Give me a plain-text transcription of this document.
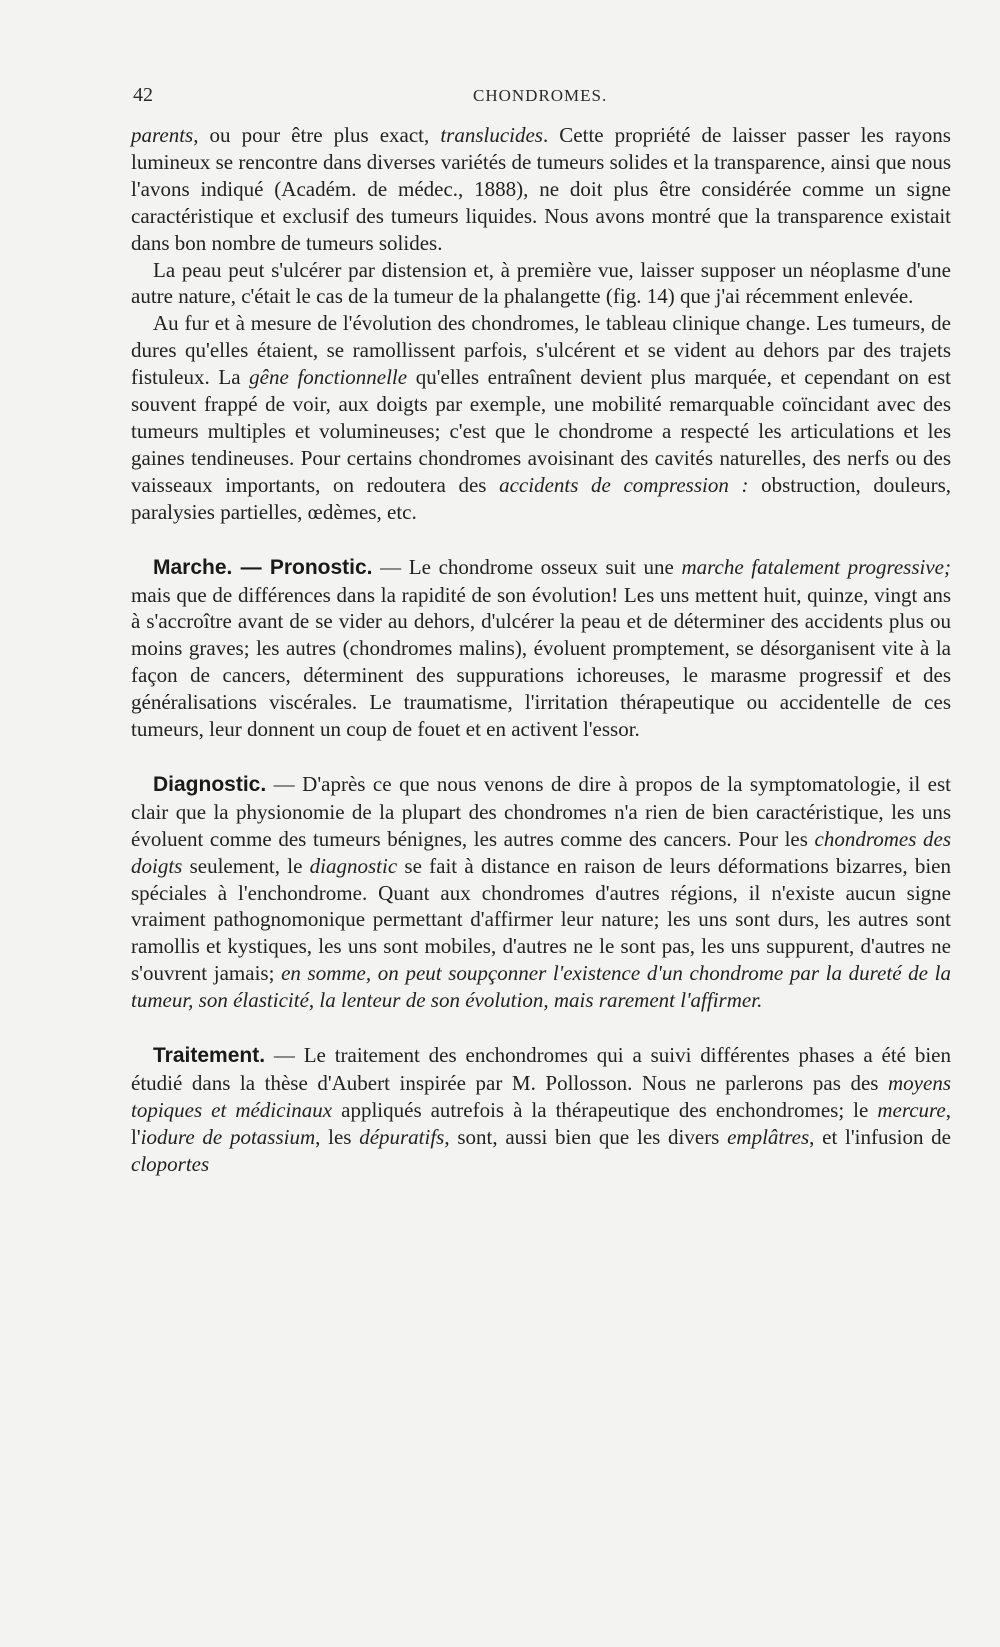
42	CHONDROMES.

parents, ou pour être plus exact, translucides. Cette propriété de laisser passer les rayons lumineux se rencontre dans diverses variétés de tumeurs solides et la transparence, ainsi que nous l'avons indiqué (Académ. de médec., 1888), ne doit plus être considérée comme un signe caractéristique et exclusif des tumeurs liquides. Nous avons montré que la transparence existait dans bon nombre de tumeurs solides.

La peau peut s'ulcérer par distension et, à première vue, laisser supposer un néoplasme d'une autre nature, c'était le cas de la tumeur de la phalangette (fig. 14) que j'ai récemment enlevée.

Au fur et à mesure de l'évolution des chondromes, le tableau clinique change. Les tumeurs, de dures qu'elles étaient, se ramollissent parfois, s'ulcérent et se vident au dehors par des trajets fistuleux. La gêne fonctionnelle qu'elles entraînent devient plus marquée, et cependant on est souvent frappé de voir, aux doigts par exemple, une mobilité remarquable coïncidant avec des tumeurs multiples et volumineuses; c'est que le chondrome a respecté les articulations et les gaines tendineuses. Pour certains chondromes avoisinant des cavités naturelles, des nerfs ou des vaisseaux importants, on redoutera des accidents de compression : obstruction, douleurs, paralysies partielles, œdèmes, etc.

Marche. — Pronostic. — Le chondrome osseux suit une marche fatalement progressive; mais que de différences dans la rapidité de son évolution! Les uns mettent huit, quinze, vingt ans à s'accroître avant de se vider au dehors, d'ulcérer la peau et de déterminer des accidents plus ou moins graves; les autres (chondromes malins), évoluent promptement, se désorganisent vite à la façon de cancers, déterminent des suppurations ichoreuses, le marasme progressif et des généralisations viscérales. Le traumatisme, l'irritation thérapeutique ou accidentelle de ces tumeurs, leur donnent un coup de fouet et en activent l'essor.

Diagnostic. — D'après ce que nous venons de dire à propos de la symptomatologie, il est clair que la physionomie de la plupart des chondromes n'a rien de bien caractéristique, les uns évoluent comme des tumeurs bénignes, les autres comme des cancers. Pour les chondromes des doigts seulement, le diagnostic se fait à distance en raison de leurs déformations bizarres, bien spéciales à l'enchondrome. Quant aux chondromes d'autres régions, il n'existe aucun signe vraiment pathognomonique permettant d'affirmer leur nature; les uns sont durs, les autres sont ramollis et kystiques, les uns sont mobiles, d'autres ne le sont pas, les uns suppurent, d'autres ne s'ouvrent jamais; en somme, on peut soupçonner l'existence d'un chondrome par la dureté de la tumeur, son élasticité, la lenteur de son évolution, mais rarement l'affirmer.

Traitement. — Le traitement des enchondromes qui a suivi différentes phases a été bien étudié dans la thèse d'Aubert inspirée par M. Pollosson. Nous ne parlerons pas des moyens topiques et médicinaux appliqués autrefois à la thérapeutique des enchondromes; le mercure, l'iodure de potassium, les dépuratifs, sont, aussi bien que les divers emplâtres, et l'infusion de cloportes
